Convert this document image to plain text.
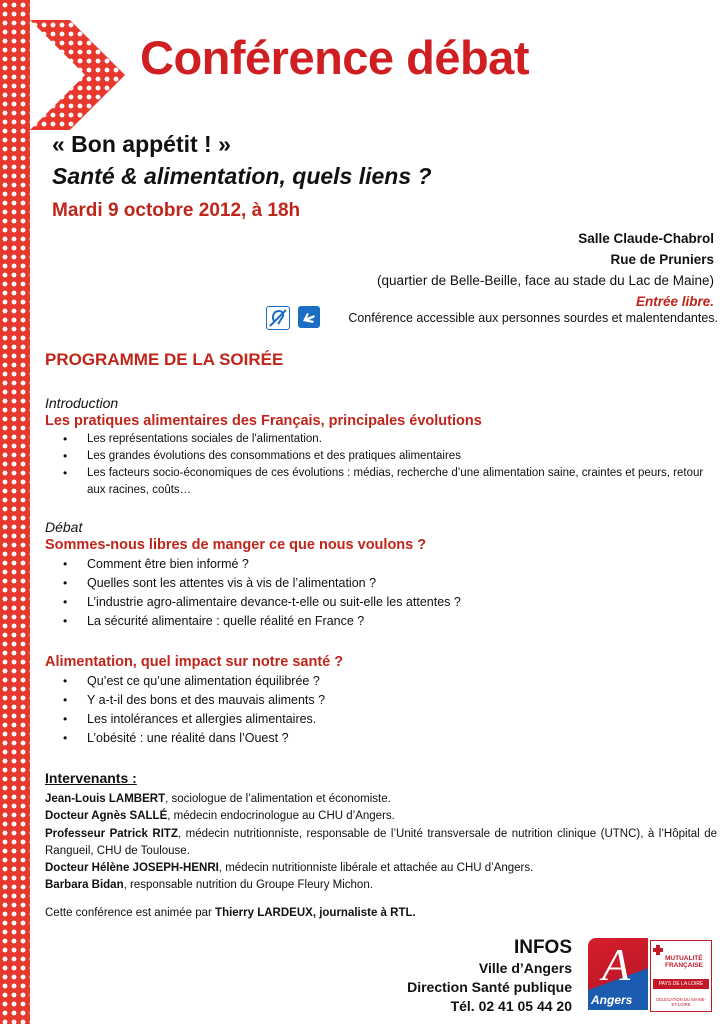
Conférence débat
« Bon appétit ! »
Santé & alimentation, quels liens ?
Mardi 9 octobre 2012, à 18h
Salle Claude-Chabrol
Rue de Pruniers
(quartier de Belle-Beille, face au stade du Lac de Maine)
Entrée libre.
Conférence accessible aux personnes sourdes et malentendantes.
PROGRAMME DE LA SOIRÉE
Introduction
Les pratiques alimentaires des Français, principales évolutions
• Les représentations sociales de l'alimentation.
• Les grandes évolutions des consommations et des pratiques alimentaires
• Les facteurs socio-économiques de ces évolutions : médias, recherche d’une alimentation saine, craintes et peurs, retour aux racines, coûts…
Débat
Sommes-nous libres de manger ce que nous voulons ?
• Comment être bien informé ?
• Quelles sont les attentes vis à vis de l’alimentation ?
• L’industrie agro-alimentaire devance-t-elle ou suit-elle les attentes ?
• La sécurité alimentaire : quelle réalité en France ?
Alimentation, quel impact sur notre santé ?
• Qu’est ce qu’une alimentation équilibrée ?
• Y a-t-il des bons et des mauvais aliments ?
• Les intolérances et allergies alimentaires.
• L’obésité : une réalité dans l’Ouest ?
Intervenants :

Jean-Louis LAMBERT, sociologue de l’alimentation et économiste.

Docteur Agnès SALLÉ, médecin endocrinologue au CHU d’Angers.

Professeur Patrick RITZ, médecin nutritionniste, responsable de l’Unité transversale de nutrition clinique (UTNC), à l’Hôpital de Rangueil, CHU de Toulouse.

Docteur Hélène JOSEPH-HENRI, médecin nutritionniste libérale et attachée au CHU d’Angers.

Barbara Bidan, responsable nutrition du Groupe Fleury Michon.

Cette conférence est animée par Thierry LARDEUX, journaliste à RTL.
INFOS
Ville d’Angers
Direction Santé publique
Tél. 02 41 05 44 20
A
Angers
MUTUALITÉ
FRANÇAISE
PAYS DE LA LOIRE
DÉLÉGATION DU MAINE-ET-LOIRE
